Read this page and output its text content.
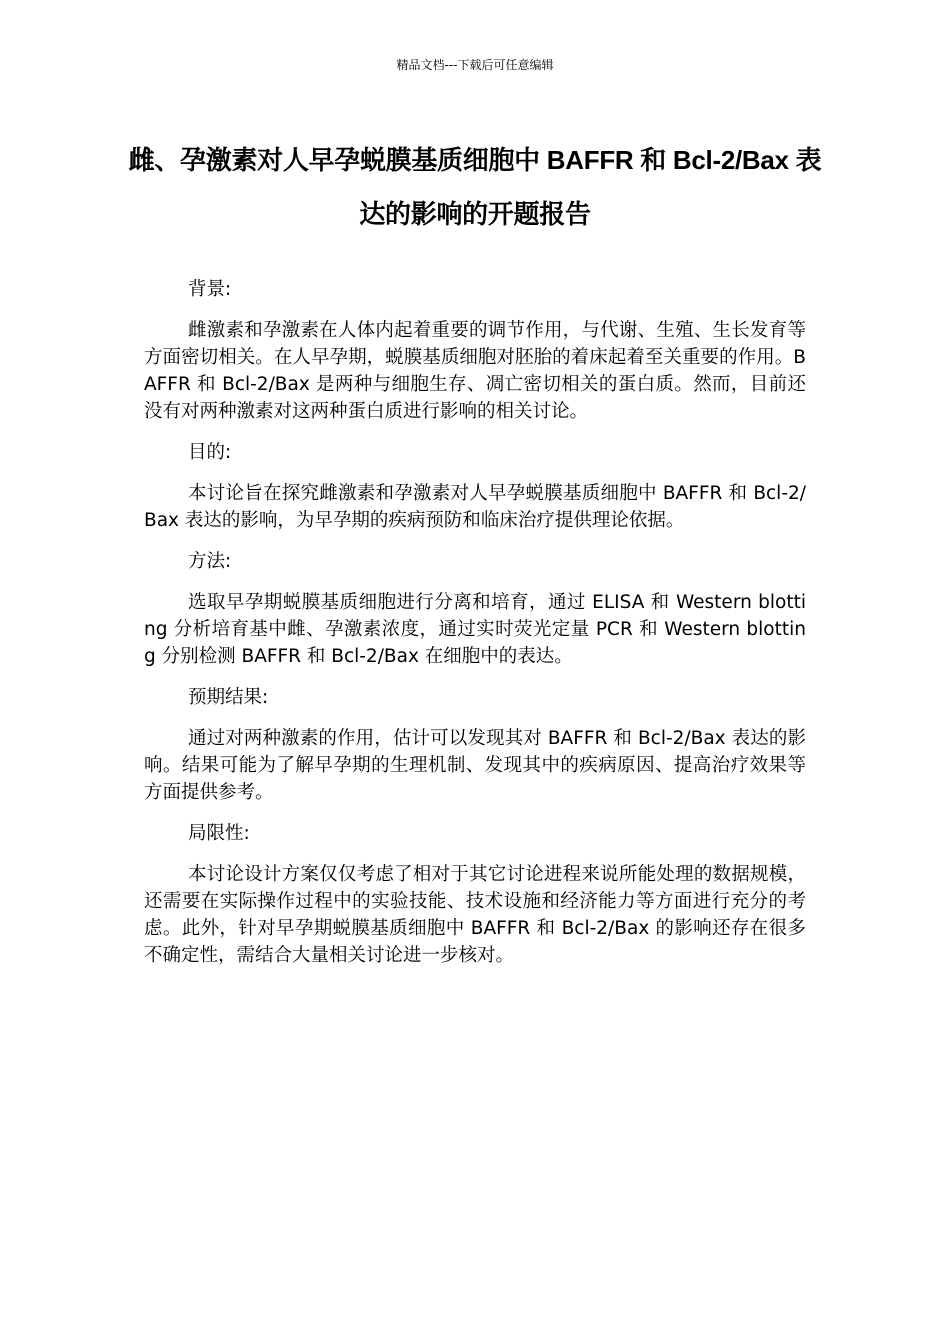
精品文档---下载后可任意编辑
雌、孕激素对人早孕蜕膜基质细胞中 BAFFR 和 Bcl-2/Bax 表达的影响的开题报告

背景:

雌激素和孕激素在人体内起着重要的调节作用，与代谢、生殖、生长发育等方面密切相关。在人早孕期，蜕膜基质细胞对胚胎的着床起着至关重要的作用。BAFFR 和 Bcl-2/Bax 是两种与细胞生存、凋亡密切相关的蛋白质。然而，目前还没有对两种激素对这两种蛋白质进行影响的相关讨论。

目的:

本讨论旨在探究雌激素和孕激素对人早孕蜕膜基质细胞中 BAFFR 和 Bcl-2/Bax 表达的影响，为早孕期的疾病预防和临床治疗提供理论依据。

方法:

选取早孕期蜕膜基质细胞进行分离和培育，通过 ELISA 和 Western blotting 分析培育基中雌、孕激素浓度，通过实时荧光定量 PCR 和 Western blotting 分别检测 BAFFR 和 Bcl-2/Bax 在细胞中的表达。

预期结果:

通过对两种激素的作用，估计可以发现其对 BAFFR 和 Bcl-2/Bax 表达的影响。结果可能为了解早孕期的生理机制、发现其中的疾病原因、提高治疗效果等方面提供参考。

局限性:

本讨论设计方案仅仅考虑了相对于其它讨论进程来说所能处理的数据规模，还需要在实际操作过程中的实验技能、技术设施和经济能力等方面进行充分的考虑。此外，针对早孕期蜕膜基质细胞中 BAFFR 和 Bcl-2/Bax 的影响还存在很多不确定性，需结合大量相关讨论进一步核对。
